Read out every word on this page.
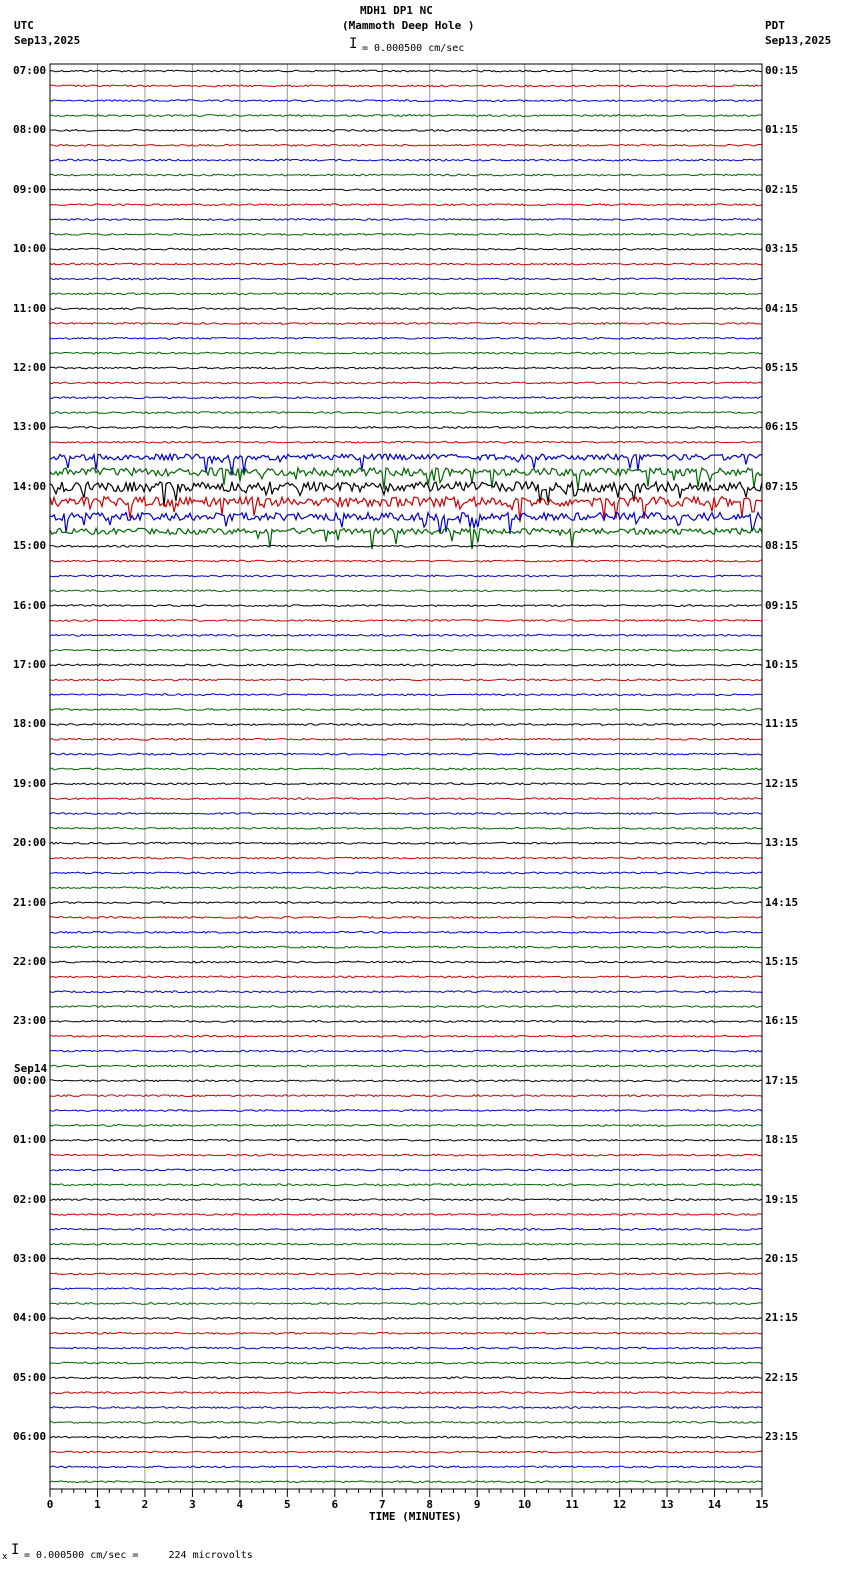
0	1	2	3	4	5	6	7	8	9	10	11	12	13	14	15
MDH1 DP1 NC
(Mammoth Deep Hole )
I = 0.000500 cm/sec
UTC
Sep13,2025
PDT
Sep13,2025
07:00
08:00
09:00
10:00
11:00
12:00
13:00
14:00
15:00
16:00
17:00
18:00
19:00
20:00
21:00
22:00
23:00
00:00
01:00
02:00
03:00
04:00
05:00
06:00
00:15
01:15
02:15
03:15
04:15
05:15
06:15
07:15
08:15
09:15
10:15
11:15
12:15
13:15
14:15
15:15
16:15
17:15
18:15
19:15
20:15
21:15
22:15
23:15
Sep14
TIME (MINUTES)
x I = 0.000500 cm/sec =     224 microvolts
